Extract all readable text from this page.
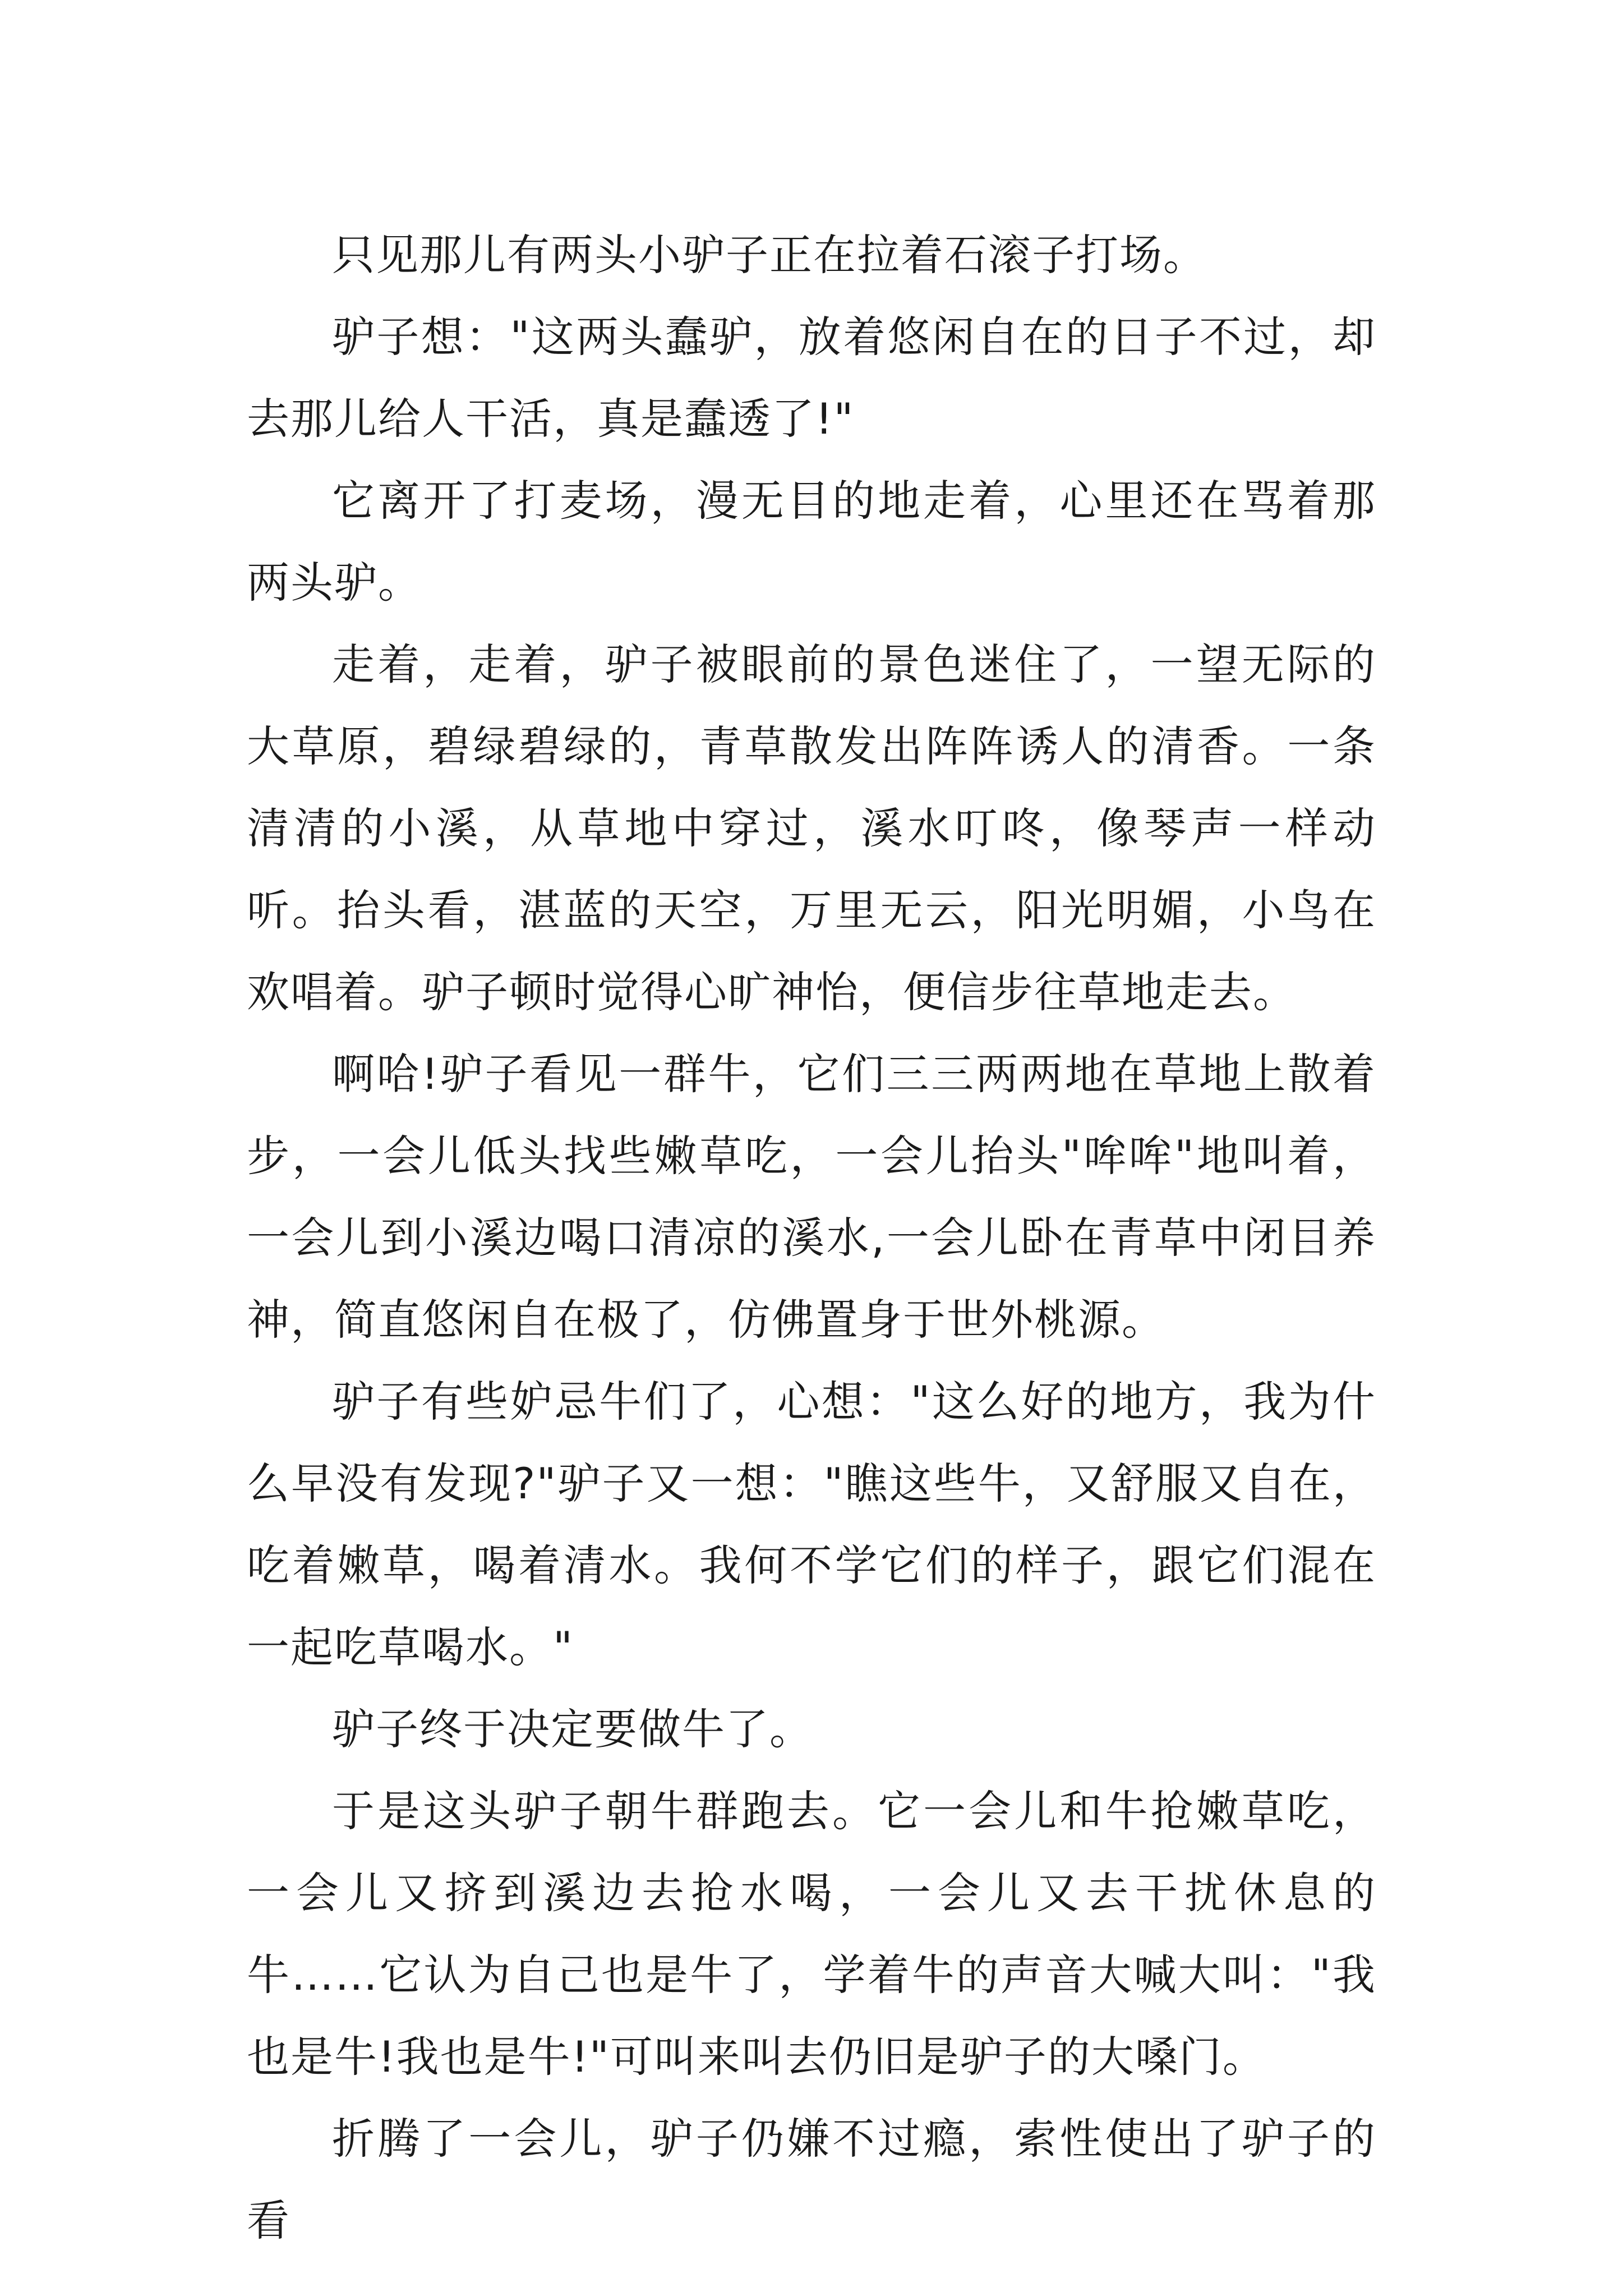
只见那儿有两头小驴子正在拉着石滚子打场。

驴子想："这两头蠢驴，放着悠闲自在的日子不过，却去那儿给人干活，真是蠢透了!"

它离开了打麦场，漫无目的地走着，心里还在骂着那两头驴。

走着，走着，驴子被眼前的景色迷住了，一望无际的大草原，碧绿碧绿的，青草散发出阵阵诱人的清香。一条清清的小溪，从草地中穿过，溪水叮咚，像琴声一样动听。抬头看，湛蓝的天空，万里无云，阳光明媚，小鸟在欢唱着。驴子顿时觉得心旷神怡，便信步往草地走去。

啊哈!驴子看见一群牛，它们三三两两地在草地上散着步，一会儿低头找些嫩草吃，一会儿抬头"哞哞"地叫着，一会儿到小溪边喝口清凉的溪水,一会儿卧在青草中闭目养神，简直悠闲自在极了，仿佛置身于世外桃源。

驴子有些妒忌牛们了，心想："这么好的地方，我为什么早没有发现?"驴子又一想："瞧这些牛，又舒服又自在，吃着嫩草，喝着清水。我何不学它们的样子，跟它们混在一起吃草喝水。"

驴子终于决定要做牛了。

于是这头驴子朝牛群跑去。它一会儿和牛抢嫩草吃，一会儿又挤到溪边去抢水喝，一会儿又去干扰休息的牛……它认为自己也是牛了，学着牛的声音大喊大叫："我也是牛!我也是牛!"可叫来叫去仍旧是驴子的大嗓门。

折腾了一会儿，驴子仍嫌不过瘾，索性使出了驴子的看
